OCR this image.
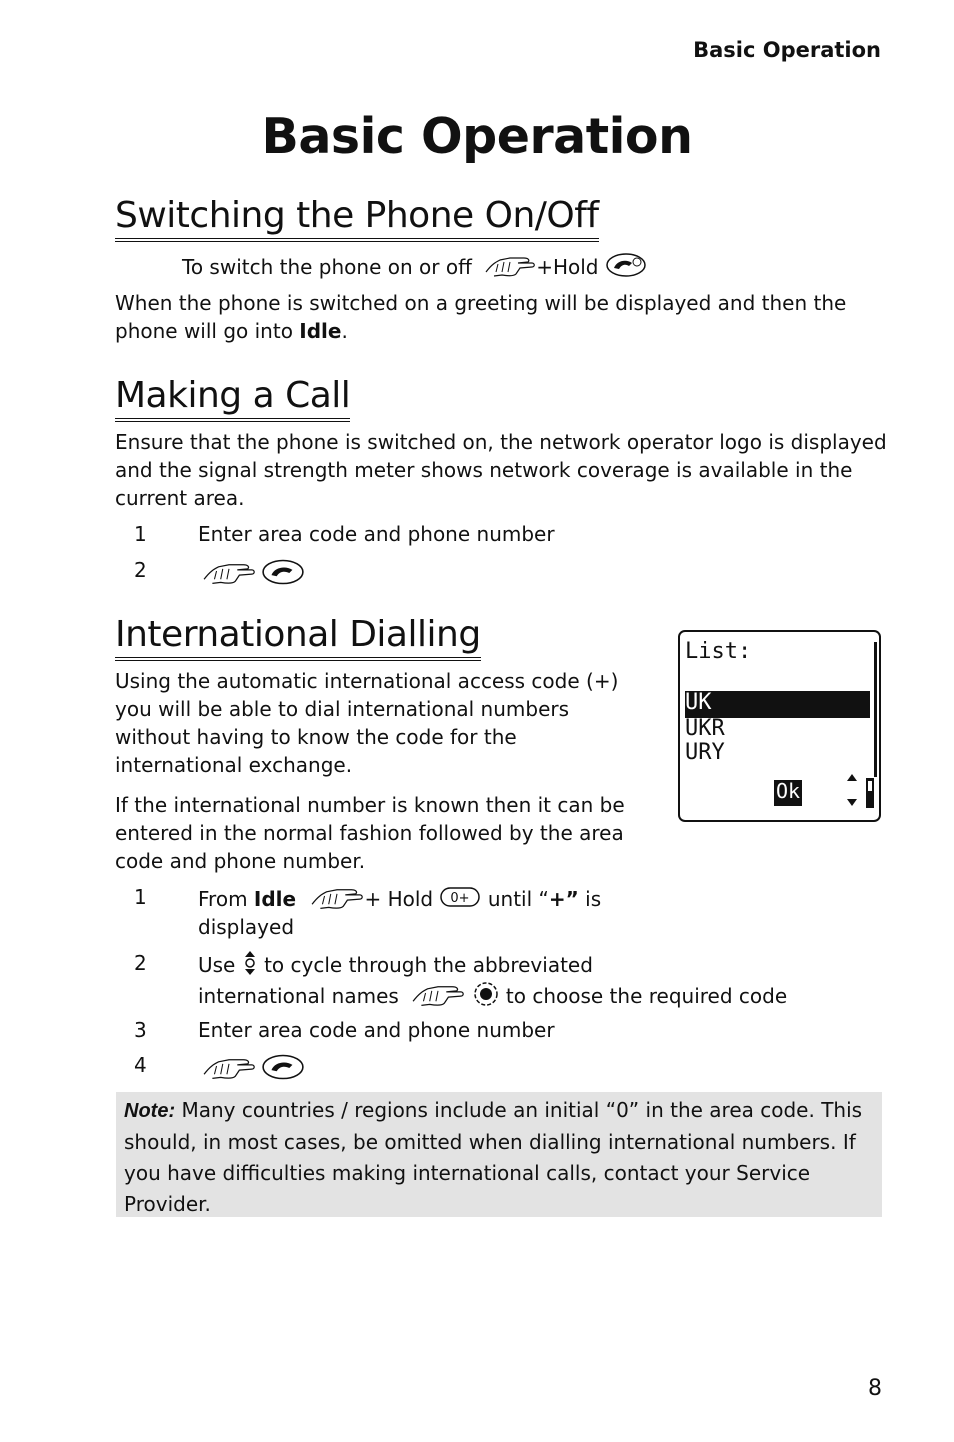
Basic Operation
Basic Operation
Switching the Phone On/Off
To switch the phone on or off	+Hold
When the phone is switched on a greeting will be displayed and then the phone will go into Idle.
Making a Call
Ensure that the phone is switched on, the network operator logo is displayed and the signal strength meter shows network coverage is available in the current area.
1	Enter area code and phone number
2

International Dialling
Using the automatic international access code (+) you will be able to dial international numbers without having to know the code for the international exchange.
If the international number is known then it can be entered in the normal fashion followed by the area code and phone number.
List:
UK
UKR
URY
Ok
1	From Idle	+ Hold 0+ until “+” is
displayed
2	Use  to cycle through the abbreviated
international names	to choose the required code
3	Enter area code and phone number
4

Note: Many countries / regions include an initial “0” in the area code. This should, in most cases, be omitted when dialling international numbers. If you have difficulties making international calls, contact your Service Provider.
8
